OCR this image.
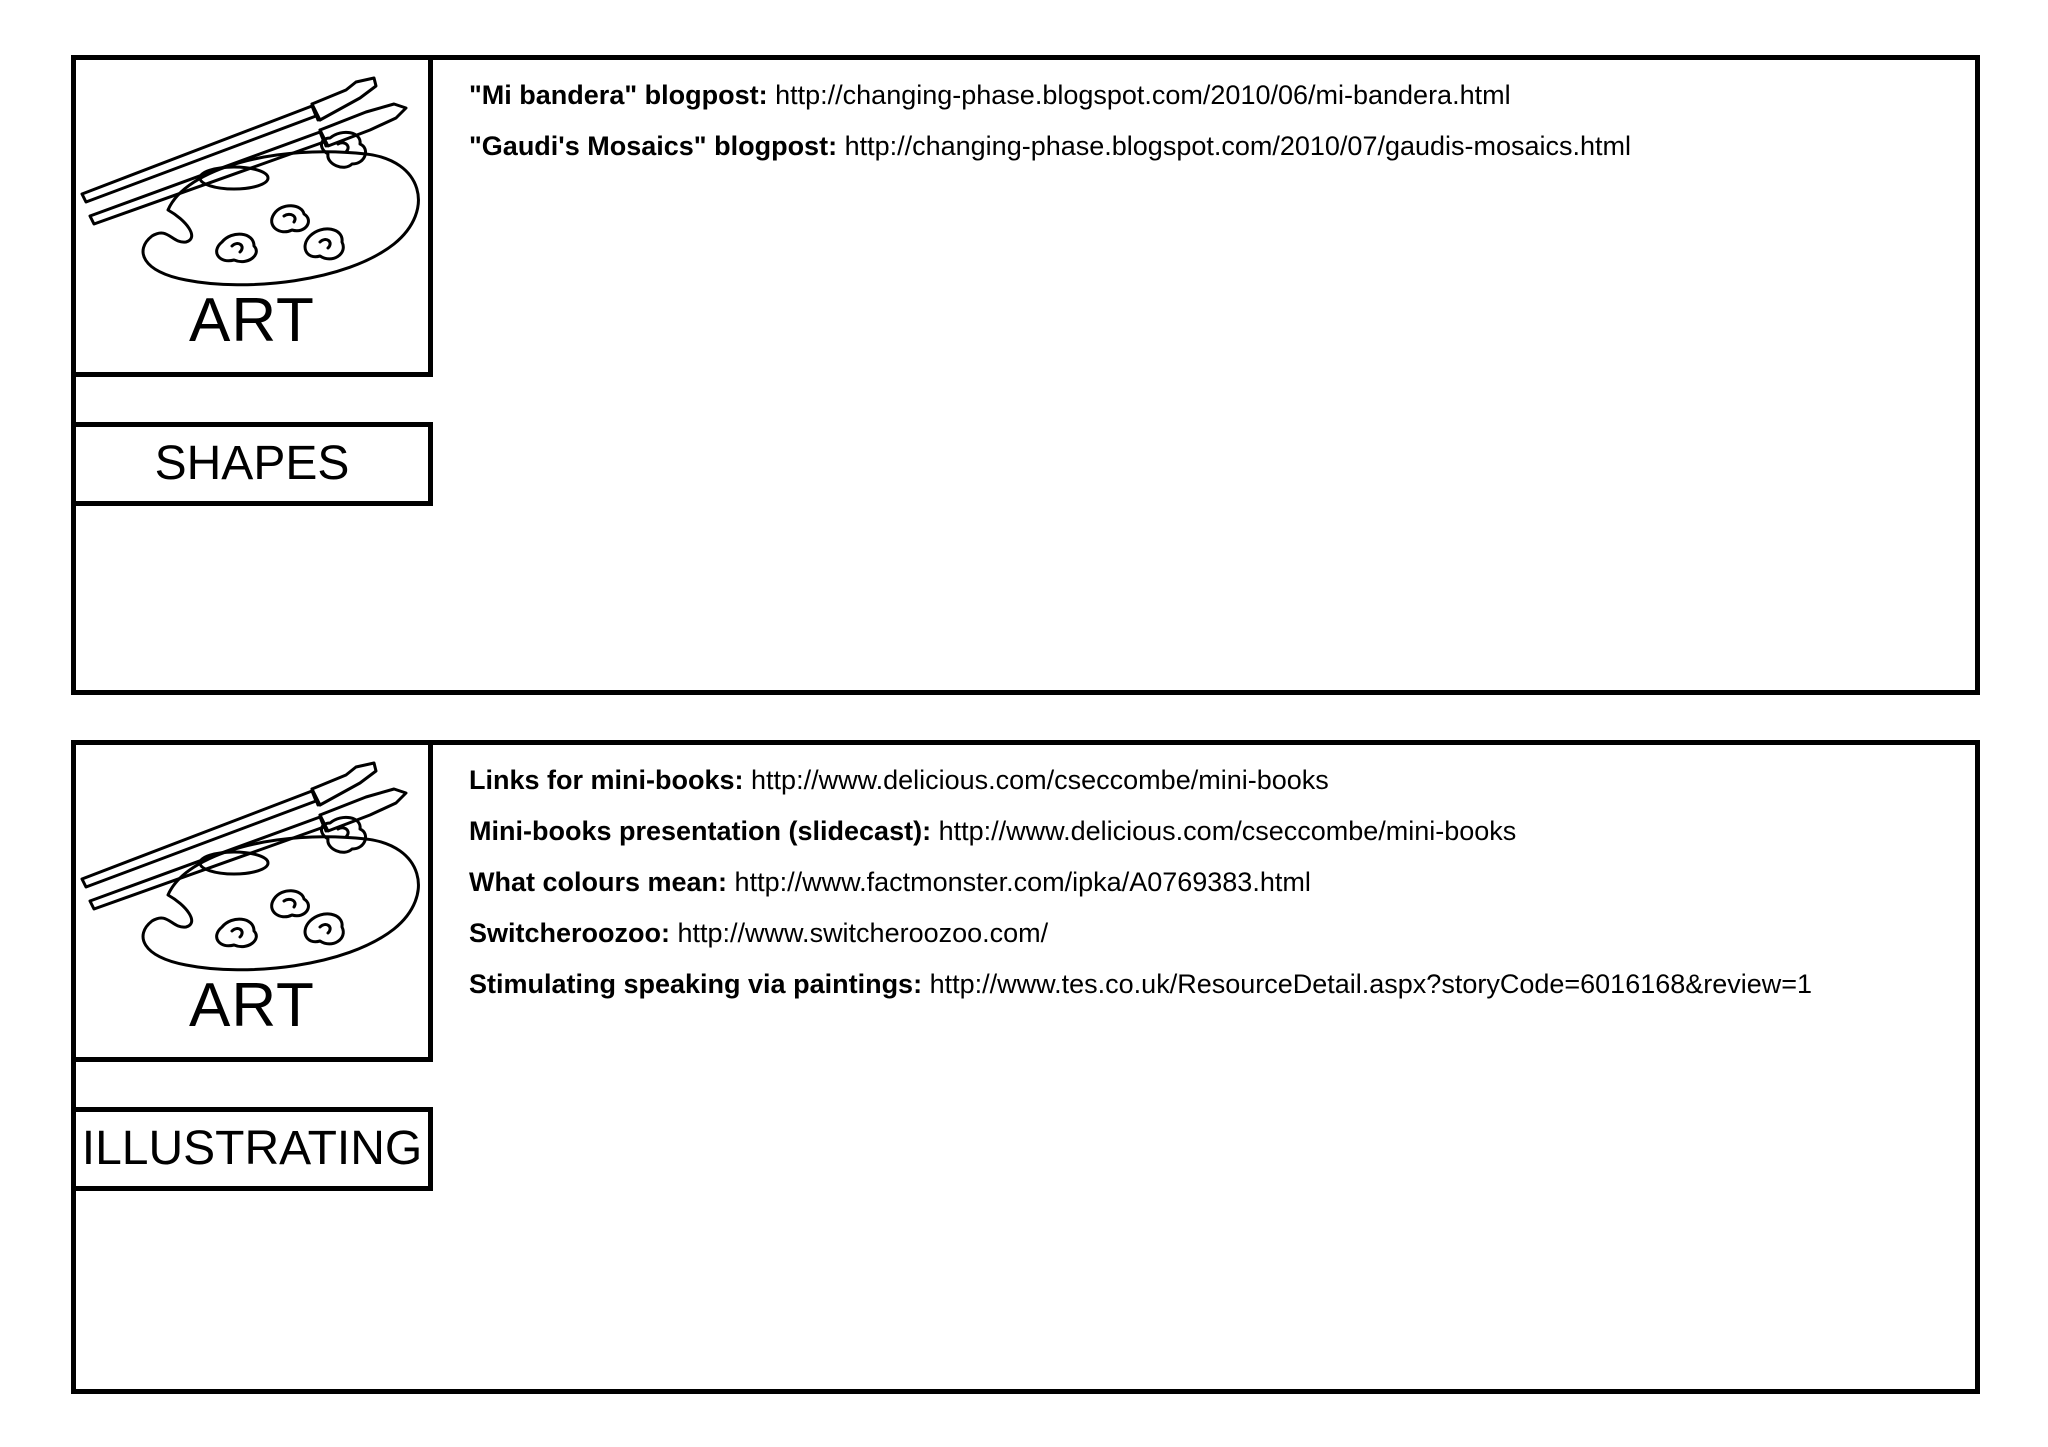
ART
SHAPES
"Mi bandera" blogpost: http://changing-phase.blogspot.com/2010/06/mi-bandera.html
"Gaudi's Mosaics" blogpost: http://changing-phase.blogspot.com/2010/07/gaudis-mosaics.html
ART
ILLUSTRATING
Links for mini-books: http://www.delicious.com/cseccombe/mini-books
Mini-books presentation (slidecast): http://www.delicious.com/cseccombe/mini-books
What colours mean: http://www.factmonster.com/ipka/A0769383.html
Switcheroozoo: http://www.switcheroozoo.com/
Stimulating speaking via paintings: http://www.tes.co.uk/ResourceDetail.aspx?storyCode=6016168&review=1
